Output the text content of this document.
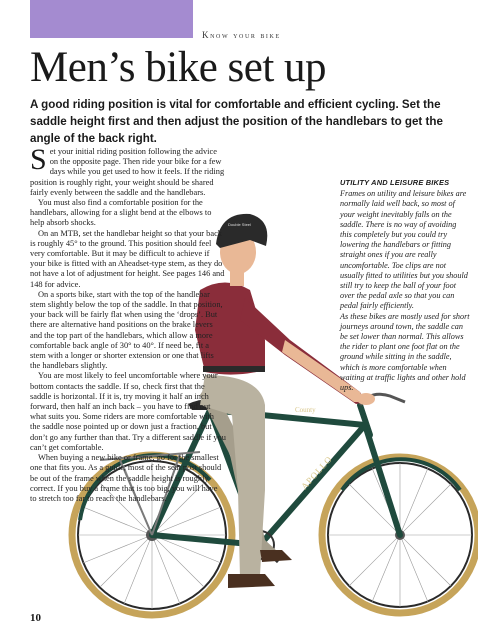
Know your bike
Men’s bike set up
A good riding position is vital for comfortable and efficient cycling. Set the saddle height first and then adjust the position of the handlebars to get the angle of the back right.
County
APOLLO
Double Steel

Set your initial riding position following the advice on the opposite page. Then ride your bike for a few days while you get used to how it feels. If the riding position is roughly right, your weight should be shared fairly evenly between the saddle and the handlebars.

You must also find a comfortable position for the handlebars, allowing for a slight bend at the elbows to help absorb shocks.

On an MTB, set the handlebar height so that your back is roughly 45° to the ground. This position should feel very comfortable. But it may be difficult to achieve if your bike is fitted with an Aheadset-type stem, as they do not have a lot of adjustment for height. See pages 146 and 148 for advice.

On a sports bike, start with the top of the handlebar stem slightly below the top of the saddle. In that position, your back will be fairly flat when using the ‘drops’. But there are alternative hand positions on the brake levers and the top part of the handlebars, which allow a more comfortable back angle of 30° to 40°. If need be, fit a stem with a longer or shorter extension or one that lifts the handlebars slightly.

You are most likely to feel uncomfortable where your bottom contacts the saddle. If so, check first that the saddle is horizontal. If it is, try moving it half an inch forward, then half an inch back – you have to find out what suits you. Some riders are more comfortable with the saddle nose pointed up or down just a fraction, but don’t go any further than that. Try a different saddle if you can’t get comfortable.

When buying a new bike or frame, go for the smallest one that fits you. As a guide, most of the seat post should be out of the frame when the saddle height is roughly correct. If you buy a frame that is too big, you will have to stretch too far to reach the handlebars.

UTILITY AND LEISURE BIKES

Frames on utility and leisure bikes are normally laid well back, so most of your weight inevitably falls on the saddle. There is no way of avoiding this completely but you could try lowering the handlebars or fitting straight ones if you are really uncomfortable. Toe clips are not usually fitted to utilities but you should still try to keep the ball of your foot over the pedal axle so that you can pedal fairly efficiently.

As these bikes are mostly used for short journeys around town, the saddle can be set lower than normal. This allows the rider to plant one foot flat on the ground while sitting in the saddle, which is more comfortable when waiting at traffic lights and other hold ups.

10
